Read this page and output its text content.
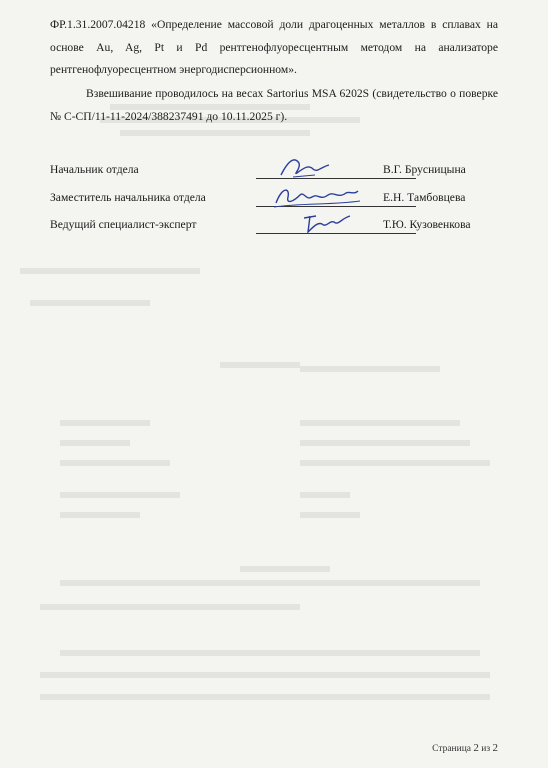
ФР.1.31.2007.04218 «Определение массовой доли драгоценных металлов в сплавах на основе Au, Ag, Pt и Pd рентгенофлуоресцентным методом на анализаторе рентгенофлуоресцентном энергодисперсионном».
Взвешивание проводилось на весах Sartorius MSA 6202S (свидетельство о поверке № С-СП/11-11-2024/388237491 до 10.11.2025 г).
Начальник отдела	В.Г. Брусницына
Заместитель начальника отдела	Е.Н. Тамбовцева
Ведущий специалист-эксперт	Т.Ю. Кузовенкова
Страница 2 из 2
